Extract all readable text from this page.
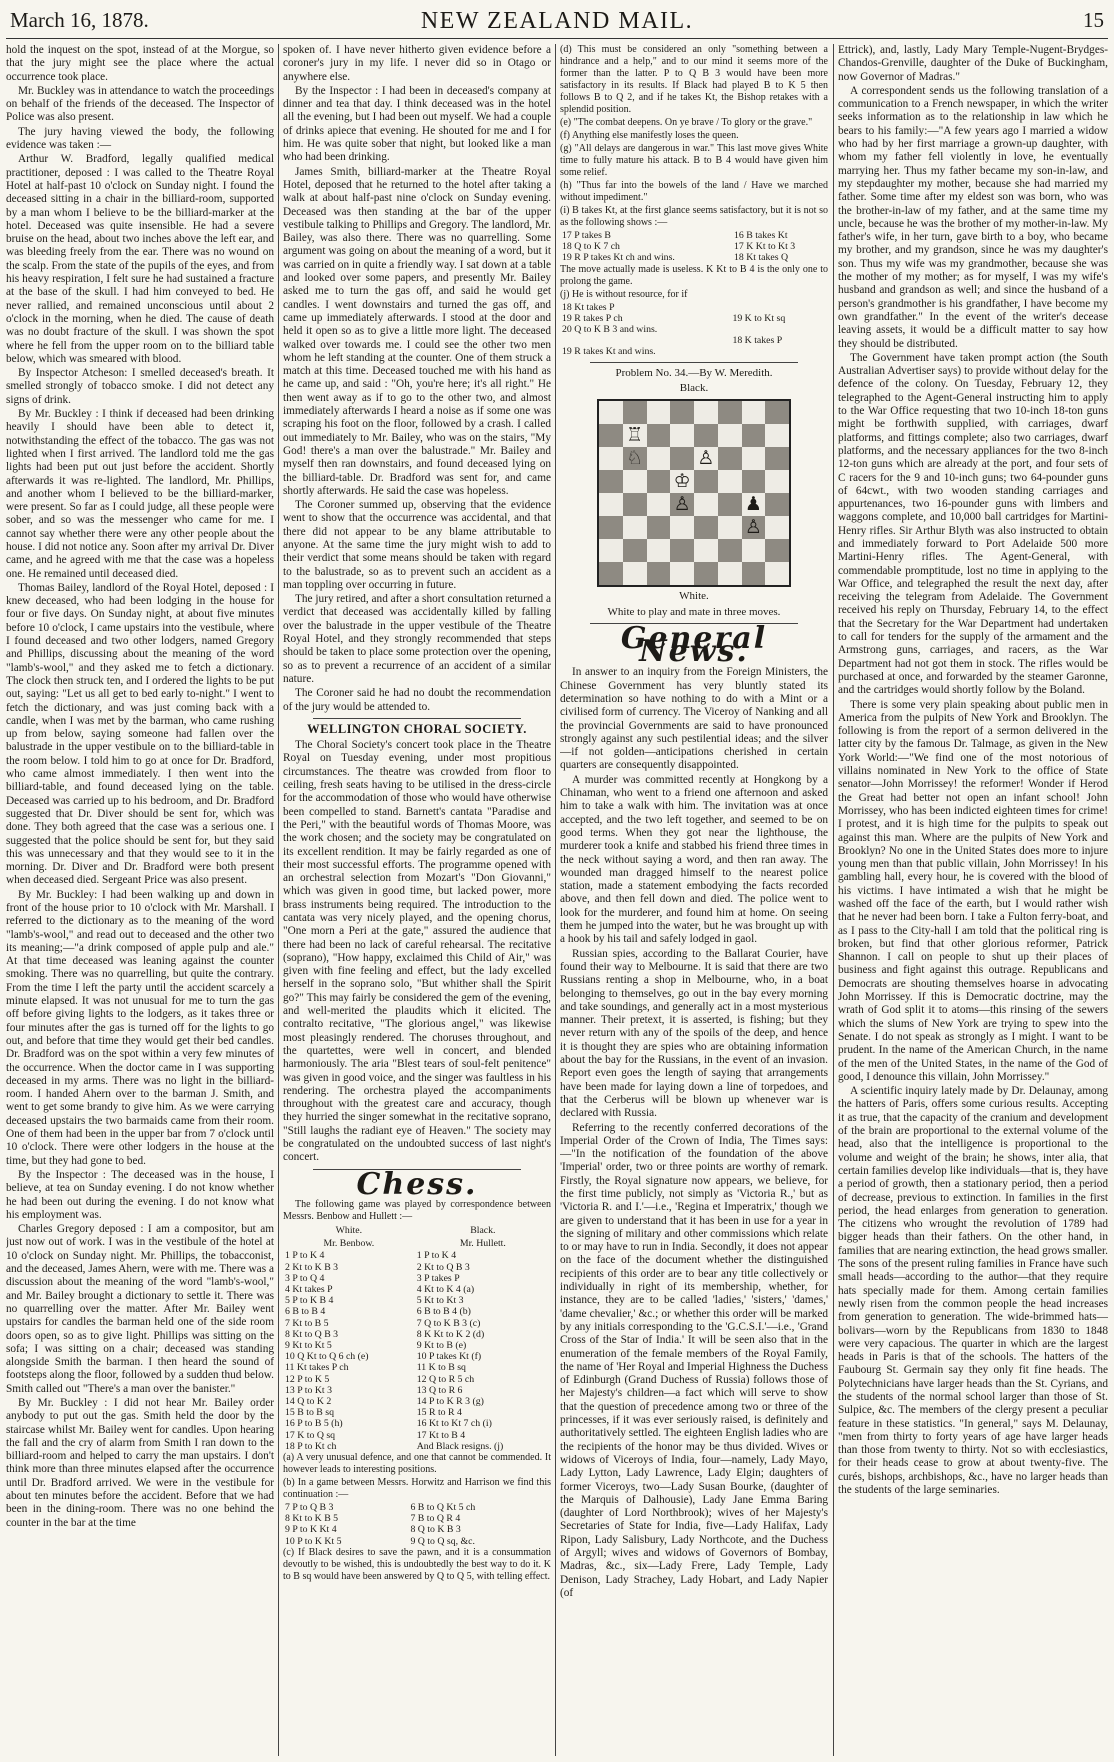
March 16, 1878.	NEW ZEALAND MAIL.	15

hold the inquest on the spot, instead of at the Morgue, so that the jury might see the place where the actual occurrence took place.

Mr. Buckley was in attendance to watch the proceedings on behalf of the friends of the deceased. The Inspector of Police was also present.

The jury having viewed the body, the following evidence was taken :—

Arthur W. Bradford, legally qualified medical practitioner, deposed : I was called to the Theatre Royal Hotel at half-past 10 o'clock on Sunday night. I found the deceased sitting in a chair in the billiard-room, supported by a man whom I believe to be the billiard-marker at the hotel. Deceased was quite insensible. He had a severe bruise on the head, about two inches above the left ear, and was bleeding freely from the ear. There was no wound on the scalp. From the state of the pupils of the eyes, and from his heavy respiration, I felt sure he had sustained a fracture at the base of the skull. I had him conveyed to bed. He never rallied, and remained unconscious until about 2 o'clock in the morning, when he died. The cause of death was no doubt fracture of the skull. I was shown the spot where he fell from the upper room on to the billiard table below, which was smeared with blood.

By Inspector Atcheson: I smelled deceased's breath. It smelled strongly of tobacco smoke. I did not detect any signs of drink.

By Mr. Buckley : I think if deceased had been drinking heavily I should have been able to detect it, notwithstanding the effect of the tobacco. The gas was not lighted when I first arrived. The landlord told me the gas lights had been put out just before the accident. Shortly afterwards it was re-lighted. The landlord, Mr. Phillips, and another whom I believed to be the billiard-marker, were present. So far as I could judge, all these people were sober, and so was the messenger who came for me. I cannot say whether there were any other people about the house. I did not notice any. Soon after my arrival Dr. Diver came, and he agreed with me that the case was a hopeless one. He remained until deceased died.

Thomas Bailey, landlord of the Royal Hotel, deposed : I knew deceased, who had been lodging in the house for four or five days. On Sunday night, at about five minutes before 10 o'clock, I came upstairs into the vestibule, where I found deceased and two other lodgers, named Gregory and Phillips, discussing about the meaning of the word "lamb's-wool," and they asked me to fetch a dictionary. The clock then struck ten, and I ordered the lights to be put out, saying: "Let us all get to bed early to-night." I went to fetch the dictionary, and was just coming back with a candle, when I was met by the barman, who came rushing up from below, saying someone had fallen over the balustrade in the upper vestibule on to the billiard-table in the room below. I told him to go at once for Dr. Bradford, who came almost immediately. I then went into the billiard-table, and found deceased lying on the table. Deceased was carried up to his bedroom, and Dr. Bradford suggested that Dr. Diver should be sent for, which was done. They both agreed that the case was a serious one. I suggested that the police should be sent for, but they said this was unnecessary and that they would see to it in the morning. Dr. Diver and Dr. Bradford were both present when deceased died. Sergeant Price was also present.

By Mr. Buckley: I had been walking up and down in front of the house prior to 10 o'clock with Mr. Marshall. I referred to the dictionary as to the meaning of the word "lamb's-wool," and read out to deceased and the other two its meaning;—"a drink composed of apple pulp and ale." At that time deceased was leaning against the counter smoking. There was no quarrelling, but quite the contrary. From the time I left the party until the accident scarcely a minute elapsed. It was not unusual for me to turn the gas off before giving lights to the lodgers, as it takes three or four minutes after the gas is turned off for the lights to go out, and before that time they would get their bed candles. Dr. Bradford was on the spot within a very few minutes of the occurrence. When the doctor came in I was supporting deceased in my arms. There was no light in the billiard-room. I handed Ahern over to the barman J. Smith, and went to get some brandy to give him. As we were carrying deceased upstairs the two barmaids came from their room. One of them had been in the upper bar from 7 o'clock until 10 o'clock. There were other lodgers in the house at the time, but they had gone to bed.

By the Inspector : The deceased was in the house, I believe, at tea on Sunday evening. I do not know whether he had been out during the evening. I do not know what his employment was.

Charles Gregory deposed : I am a compositor, but am just now out of work. I was in the vestibule of the hotel at 10 o'clock on Sunday night. Mr. Phillips, the tobacconist, and the deceased, James Ahern, were with me. There was a discussion about the meaning of the word "lamb's-wool," and Mr. Bailey brought a dictionary to settle it. There was no quarrelling over the matter. After Mr. Bailey went upstairs for candles the barman held one of the side room doors open, so as to give light. Phillips was sitting on the sofa; I was sitting on a chair; deceased was standing alongside Smith the barman. I then heard the sound of footsteps along the floor, followed by a sudden thud below. Smith called out "There's a man over the banister."

By Mr. Buckley : I did not hear Mr. Bailey order anybody to put out the gas. Smith held the door by the staircase whilst Mr. Bailey went for candles. Upon hearing the fall and the cry of alarm from Smith I ran down to the billiard-room and helped to carry the man upstairs. I don't think more than three minutes elapsed after the occurrence until Dr. Bradford arrived. We were in the vestibule for about ten minutes before the accident. Before that we had been in the dining-room. There was no one behind the counter in the bar at the time

spoken of. I have never hitherto given evidence before a coroner's jury in my life. I never did so in Otago or anywhere else.

By the Inspector : I had been in deceased's company at dinner and tea that day. I think deceased was in the hotel all the evening, but I had been out myself. We had a couple of drinks apiece that evening. He shouted for me and I for him. He was quite sober that night, but looked like a man who had been drinking.

James Smith, billiard-marker at the Theatre Royal Hotel, deposed that he returned to the hotel after taking a walk at about half-past nine o'clock on Sunday evening. Deceased was then standing at the bar of the upper vestibule talking to Phillips and Gregory. The landlord, Mr. Bailey, was also there. There was no quarrelling. Some argument was going on about the meaning of a word, but it was carried on in quite a friendly way. I sat down at a table and looked over some papers, and presently Mr. Bailey asked me to turn the gas off, and said he would get candles. I went downstairs and turned the gas off, and came up immediately afterwards. I stood at the door and held it open so as to give a little more light. The deceased walked over towards me. I could see the other two men whom he left standing at the counter. One of them struck a match at this time. Deceased touched me with his hand as he came up, and said : "Oh, you're here; it's all right." He then went away as if to go to the other two, and almost immediately afterwards I heard a noise as if some one was scraping his foot on the floor, followed by a crash. I called out immediately to Mr. Bailey, who was on the stairs, "My God! there's a man over the balustrade." Mr. Bailey and myself then ran downstairs, and found deceased lying on the billiard-table. Dr. Bradford was sent for, and came shortly afterwards. He said the case was hopeless.

The Coroner summed up, observing that the evidence went to show that the occurrence was accidental, and that there did not appear to be any blame attributable to anyone. At the same time the jury might wish to add to their verdict that some means should be taken with regard to the balustrade, so as to prevent such an accident as a man toppling over occurring in future.

The jury retired, and after a short consultation returned a verdict that deceased was accidentally killed by falling over the balustrade in the upper vestibule of the Theatre Royal Hotel, and they strongly recommended that steps should be taken to place some protection over the opening, so as to prevent a recurrence of an accident of a similar nature.

The Coroner said he had no doubt the recommendation of the jury would be attended to.

WELLINGTON CHORAL SOCIETY.

The Choral Society's concert took place in the Theatre Royal on Tuesday evening, under most propitious circumstances. The theatre was crowded from floor to ceiling, fresh seats having to be utilised in the dress-circle for the accommodation of those who would have otherwise been compelled to stand. Barnett's cantata "Paradise and the Peri," with the beautiful words of Thomas Moore, was the work chosen; and the society may be congratulated on its excellent rendition. It may be fairly regarded as one of their most successful efforts. The programme opened with an orchestral selection from Mozart's "Don Giovanni," which was given in good time, but lacked power, more brass instruments being required. The introduction to the cantata was very nicely played, and the opening chorus, "One morn a Peri at the gate," assured the audience that there had been no lack of careful rehearsal. The recitative (soprano), "How happy, exclaimed this Child of Air," was given with fine feeling and effect, but the lady excelled herself in the soprano solo, "But whither shall the Spirit go?" This may fairly be considered the gem of the evening, and well-merited the plaudits which it elicited. The contralto recitative, "The glorious angel," was likewise most pleasingly rendered. The choruses throughout, and the quartettes, were well in concert, and blended harmoniously. The aria "Blest tears of soul-felt penitence" was given in good voice, and the singer was faultless in his rendering. The orchestra played the accompaniments throughout with the greatest care and accuracy, though they hurried the singer somewhat in the recitative soprano, "Still laughs the radiant eye of Heaven." The society may be congratulated on the undoubted success of last night's concert.

Chess.

The following game was played by correspondence between Messrs. Benbow and Hullett :—

White.	Black.
Mr. Benbow.	Mr. Hullett.
1 P to K 4	1 P to K 4
2 Kt to K B 3	2 Kt to Q B 3
3 P to Q 4	3 P takes P
4 Kt takes P	4 Kt to K 4 (a)
5 P to K B 4	5 Kt to Kt 3
6 B to B 4	6 B to B 4 (b)
7 Kt to B 5	7 Q to K B 3 (c)
8 Kt to Q B 3	8 K Kt to K 2 (d)
9 Kt to Kt 5	9 Kt to B (e)
10 Q Kt to Q 6 ch (e)	10 P takes Kt (f)
11 Kt takes P ch	11 K to B sq
12 P to K 5	12 Q to R 5 ch
13 P to Kt 3	13 Q to R 6
14 Q to K 2	14 P to K R 3 (g)
15 B to B sq	15 R to R 4
16 P to B 5 (h)	16 Kt to Kt 7 ch (i)
17 K to Q sq	17 Kt to B 4
18 P to Kt ch	And Black resigns. (j)

(a) A very unusual defence, and one that cannot be commended. It however leads to interesting positions.

(b) In a game between Messrs. Horwitz and Harrison we find this continuation :—

7 P to Q B 3	6 B to Q Kt 5 ch
8 Kt to K B 5	7 B to Q R 4
9 P to K Kt 4	8 Q to K B 3
10 P to K Kt 5	9 Q to Q sq, &c.

(c) If Black desires to save the pawn, and it is a consummation devoutly to be wished, this is undoubtedly the best way to do it. K to B sq would have been answered by Q to Q 5, with telling effect.

(d) This must be considered an only "something between a hindrance and a help," and to our mind it seems more of the former than the latter. P to Q B 3 would have been more satisfactory in its results. If Black had played B to K 5 then follows B to Q 2, and if he takes Kt, the Bishop retakes with a splendid position.

(e) "The combat deepens. On ye brave / To glory or the grave."

(f) Anything else manifestly loses the queen.

(g) "All delays are dangerous in war." This last move gives White time to fully mature his attack. B to B 4 would have given him some relief.

(h) "Thus far into the bowels of the land / Have we marched without impediment."

(i) B takes Kt, at the first glance seems satisfactory, but it is not so as the following shows :—

17 P takes B	16 B takes Kt
18 Q to K 7 ch	17 K Kt to Kt 3
19 R P takes Kt ch and wins.	18 Kt takes Q

The move actually made is useless. K Kt to B 4 is the only one to prolong the game.

(j) He is without resource, for if

18 Kt takes P	
19 R takes P ch	19 K to Kt sq
20 Q to K B 3 and wins.	
	18 K takes P
19 R takes Kt and wins.	
Problem No. 34.—By W. Meredith.
Black.
♖
♘	♙
♔
♙	♟
♙
White.
White to play and mate in three moves.
General News.

In answer to an inquiry from the Foreign Ministers, the Chinese Government has very bluntly stated its determination so have nothing to do with a Mint or a civilised form of currency. The Viceroy of Nanking and all the provincial Governments are said to have pronounced strongly against any such pestilential ideas; and the silver—if not golden—anticipations cherished in certain quarters are consequently disappointed.

A murder was committed recently at Hongkong by a Chinaman, who went to a friend one afternoon and asked him to take a walk with him. The invitation was at once accepted, and the two left together, and seemed to be on good terms. When they got near the lighthouse, the murderer took a knife and stabbed his friend three times in the neck without saying a word, and then ran away. The wounded man dragged himself to the nearest police station, made a statement embodying the facts recorded above, and then fell down and died. The police went to look for the murderer, and found him at home. On seeing them he jumped into the water, but he was brought up with a hook by his tail and safely lodged in gaol.

Russian spies, according to the Ballarat Courier, have found their way to Melbourne. It is said that there are two Russians renting a shop in Melbourne, who, in a boat belonging to themselves, go out in the bay every morning and take soundings, and generally act in a most mysterious manner. Their pretext, it is asserted, is fishing; but they never return with any of the spoils of the deep, and hence it is thought they are spies who are obtaining information about the bay for the Russians, in the event of an invasion. Report even goes the length of saying that arrangements have been made for laying down a line of torpedoes, and that the Cerberus will be blown up whenever war is declared with Russia.

Referring to the recently conferred decorations of the Imperial Order of the Crown of India, The Times says:—"In the notification of the foundation of the above 'Imperial' order, two or three points are worthy of remark. Firstly, the Royal signature now appears, we believe, for the first time publicly, not simply as 'Victoria R.,' but as 'Victoria R. and I.'—i.e., 'Regina et Imperatrix,' though we are given to understand that it has been in use for a year in the signing of military and other commissions which relate to or may have to run in India. Secondly, it does not appear on the face of the document whether the distinguished recipients of this order are to bear any title collectively or individually in right of its membership, whether, for instance, they are to be called 'ladies,' 'sisters,' 'dames,' 'dame chevalier,' &c.; or whether this order will be marked by any initials corresponding to the 'G.C.S.I.'—i.e., 'Grand Cross of the Star of India.' It will be seen also that in the enumeration of the female members of the Royal Family, the name of 'Her Royal and Imperial Highness the Duchess of Edinburgh (Grand Duchess of Russia) follows those of her Majesty's children—a fact which will serve to show that the question of precedence among two or three of the princesses, if it was ever seriously raised, is definitely and authoritatively settled. The eighteen English ladies who are the recipients of the honor may be thus divided. Wives or widows of Viceroys of India, four—namely, Lady Mayo, Lady Lytton, Lady Lawrence, Lady Elgin; daughters of former Viceroys, two—Lady Susan Bourke, (daughter of the Marquis of Dalhousie), Lady Jane Emma Baring (daughter of Lord Northbrook); wives of her Majesty's Secretaries of State for India, five—Lady Halifax, Lady Ripon, Lady Salisbury, Lady Northcote, and the Duchess of Argyll; wives and widows of Governors of Bombay, Madras, &c., six—Lady Frere, Lady Temple, Lady Denison, Lady Strachey, Lady Hobart, and Lady Napier (of

Ettrick), and, lastly, Lady Mary Temple-Nugent-Brydges-Chandos-Grenville, daughter of the Duke of Buckingham, now Governor of Madras."

A correspondent sends us the following translation of a communication to a French newspaper, in which the writer seeks information as to the relationship in law which he bears to his family:—"A few years ago I married a widow who had by her first marriage a grown-up daughter, with whom my father fell violently in love, he eventually marrying her. Thus my father became my son-in-law, and my stepdaughter my mother, because she had married my father. Some time after my eldest son was born, who was the brother-in-law of my father, and at the same time my uncle, because he was the brother of my mother-in-law. My father's wife, in her turn, gave birth to a boy, who became my brother, and my grandson, since he was my daughter's son. Thus my wife was my grandmother, because she was the mother of my mother; as for myself, I was my wife's husband and grandson as well; and since the husband of a person's grandmother is his grandfather, I have become my own grandfather." In the event of the writer's decease leaving assets, it would be a difficult matter to say how they should be distributed.

The Government have taken prompt action (the South Australian Advertiser says) to provide without delay for the defence of the colony. On Tuesday, February 12, they telegraphed to the Agent-General instructing him to apply to the War Office requesting that two 10-inch 18-ton guns might be forthwith supplied, with carriages, dwarf platforms, and fittings complete; also two carriages, dwarf platforms, and the necessary appliances for the two 8-inch 12-ton guns which are already at the port, and four sets of C racers for the 9 and 10-inch guns; two 64-pounder guns of 64cwt., with two wooden standing carriages and appurtenances, two 16-pounder guns with limbers and waggons complete, and 10,000 ball cartridges for Martini-Henry rifles. Sir Arthur Blyth was also instructed to obtain and immediately forward to Port Adelaide 500 more Martini-Henry rifles. The Agent-General, with commendable promptitude, lost no time in applying to the War Office, and telegraphed the result the next day, after receiving the telegram from Adelaide. The Government received his reply on Thursday, February 14, to the effect that the Secretary for the War Department had undertaken to call for tenders for the supply of the armament and the Armstrong guns, carriages, and racers, as the War Department had not got them in stock. The rifles would be purchased at once, and forwarded by the steamer Garonne, and the cartridges would shortly follow by the Boland.

There is some very plain speaking about public men in America from the pulpits of New York and Brooklyn. The following is from the report of a sermon delivered in the latter city by the famous Dr. Talmage, as given in the New York World:—"We find one of the most notorious of villains nominated in New York to the office of State senator—John Morrissey! the reformer! Wonder if Herod the Great had better not open an infant school! John Morrissey, who has been indicted eighteen times for crime! I protest, and it is high time for the pulpits to speak out against this man. Where are the pulpits of New York and Brooklyn? No one in the United States does more to injure young men than that public villain, John Morrissey! In his gambling hall, every hour, he is covered with the blood of his victims. I have intimated a wish that he might be washed off the face of the earth, but I would rather wish that he never had been born. I take a Fulton ferry-boat, and as I pass to the City-hall I am told that the political ring is broken, but find that other glorious reformer, Patrick Shannon. I call on people to shut up their places of business and fight against this outrage. Republicans and Democrats are shouting themselves hoarse in advocating John Morrissey. If this is Democratic doctrine, may the wrath of God split it to atoms—this rinsing of the sewers which the slums of New York are trying to spew into the Senate. I do not speak as strongly as I might. I want to be prudent. In the name of the American Church, in the name of the men of the United States, in the name of the God of good, I denounce this villain, John Morrissey."

A scientific inquiry lately made by Dr. Delaunay, among the hatters of Paris, offers some curious results. Accepting it as true, that the capacity of the cranium and development of the brain are proportional to the external volume of the head, also that the intelligence is proportional to the volume and weight of the brain; he shows, inter alia, that certain families develop like individuals—that is, they have a period of growth, then a stationary period, then a period of decrease, previous to extinction. In families in the first period, the head enlarges from generation to generation. The citizens who wrought the revolution of 1789 had bigger heads than their fathers. On the other hand, in families that are nearing extinction, the head grows smaller. The sons of the present ruling families in France have such small heads—according to the author—that they require hats specially made for them. Among certain families newly risen from the common people the head increases from generation to generation. The wide-brimmed hats—bolivars—worn by the Republicans from 1830 to 1848 were very capacious. The quarter in which are the largest heads in Paris is that of the schools. The hatters of the Faubourg St. Germain say they only fit fine heads. The Polytechnicians have larger heads than the St. Cyrians, and the students of the normal school larger than those of St. Sulpice, &c. The members of the clergy present a peculiar feature in these statistics. "In general," says M. Delaunay, "men from thirty to forty years of age have larger heads than those from twenty to thirty. Not so with ecclesiastics, for their heads cease to grow at about twenty-five. The curés, bishops, archbishops, &c., have no larger heads than the students of the large seminaries.
